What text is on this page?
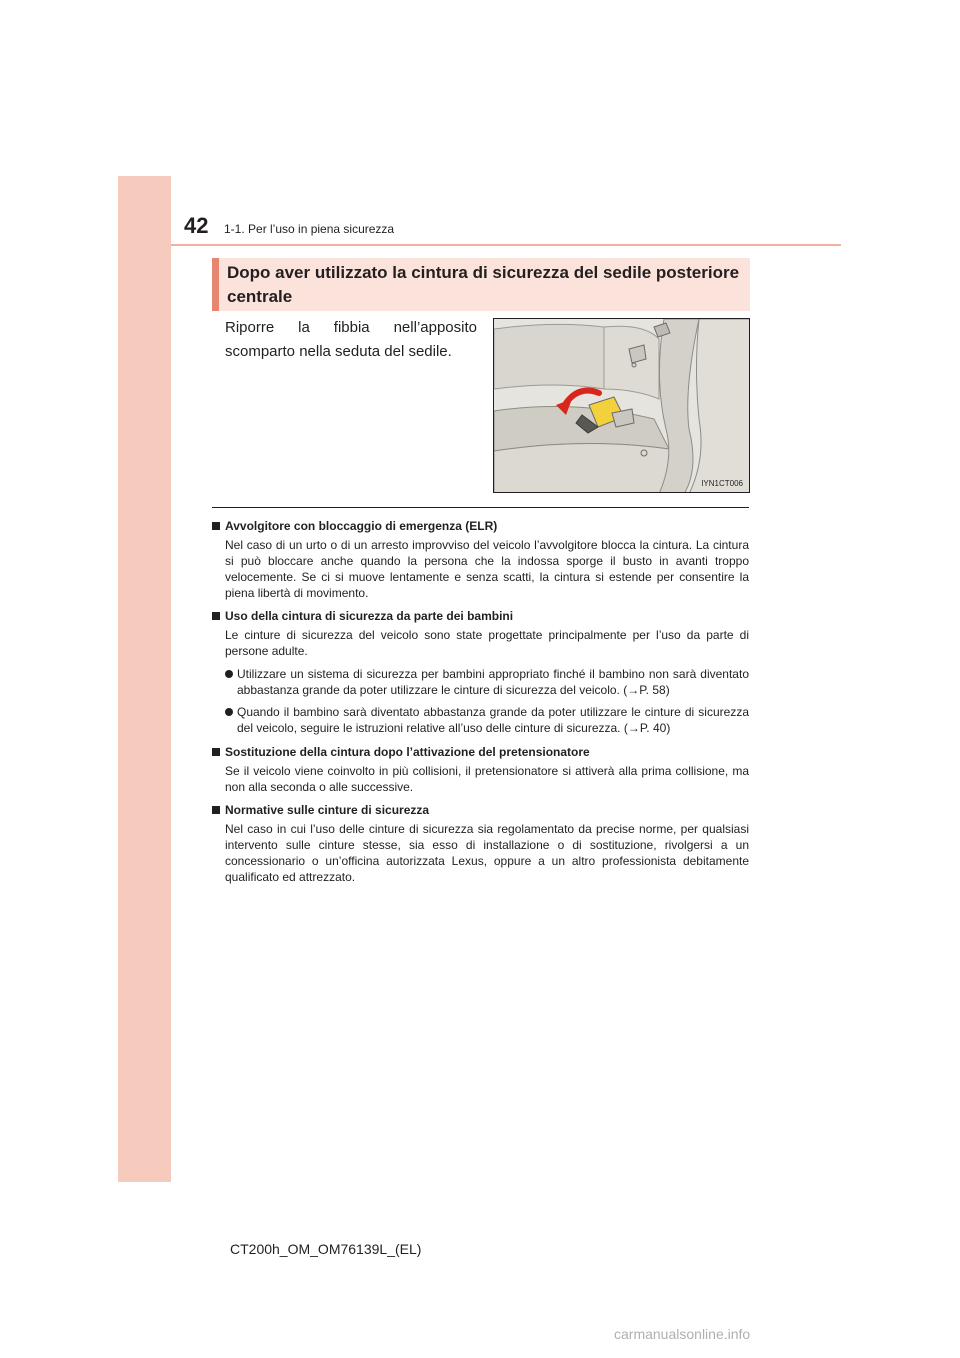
42 1-1. Per l’uso in piena sicurezza
Dopo aver utilizzato la cintura di sicurezza del sedile posteriore centrale
Riporre la fibbia nell’apposito scomparto nella seduta del sedile.
IYN1CT006
Avvolgitore con bloccaggio di emergenza (ELR)

Nel caso di un urto o di un arresto improvviso del veicolo l’avvolgitore blocca la cintura. La cintura si può bloccare anche quando la persona che la indossa sporge il busto in avanti troppo velocemente. Se ci si muove lentamente e senza scatti, la cintura si estende per consentire la piena libertà di movimento.

Uso della cintura di sicurezza da parte dei bambini

Le cinture di sicurezza del veicolo sono state progettate principalmente per l’uso da parte di persone adulte.

Utilizzare un sistema di sicurezza per bambini appropriato finché il bambino non sarà diventato abbastanza grande da poter utilizzare le cinture di sicurezza del veicolo. (→P. 58)

Quando il bambino sarà diventato abbastanza grande da poter utilizzare le cinture di sicurezza del veicolo, seguire le istruzioni relative all’uso delle cinture di sicurezza. (→P. 40)

Sostituzione della cintura dopo l’attivazione del pretensionatore

Se il veicolo viene coinvolto in più collisioni, il pretensionatore si attiverà alla prima collisione, ma non alla seconda o alle successive.

Normative sulle cinture di sicurezza

Nel caso in cui l’uso delle cinture di sicurezza sia regolamentato da precise norme, per qualsiasi intervento sulle cinture stesse, sia esso di installazione o di sostituzione, rivolgersi a un concessionario o un’officina autorizzata Lexus, oppure a un altro professionista debitamente qualificato ed attrezzato.

CT200h_OM_OM76139L_(EL)
carmanualsonline.info
